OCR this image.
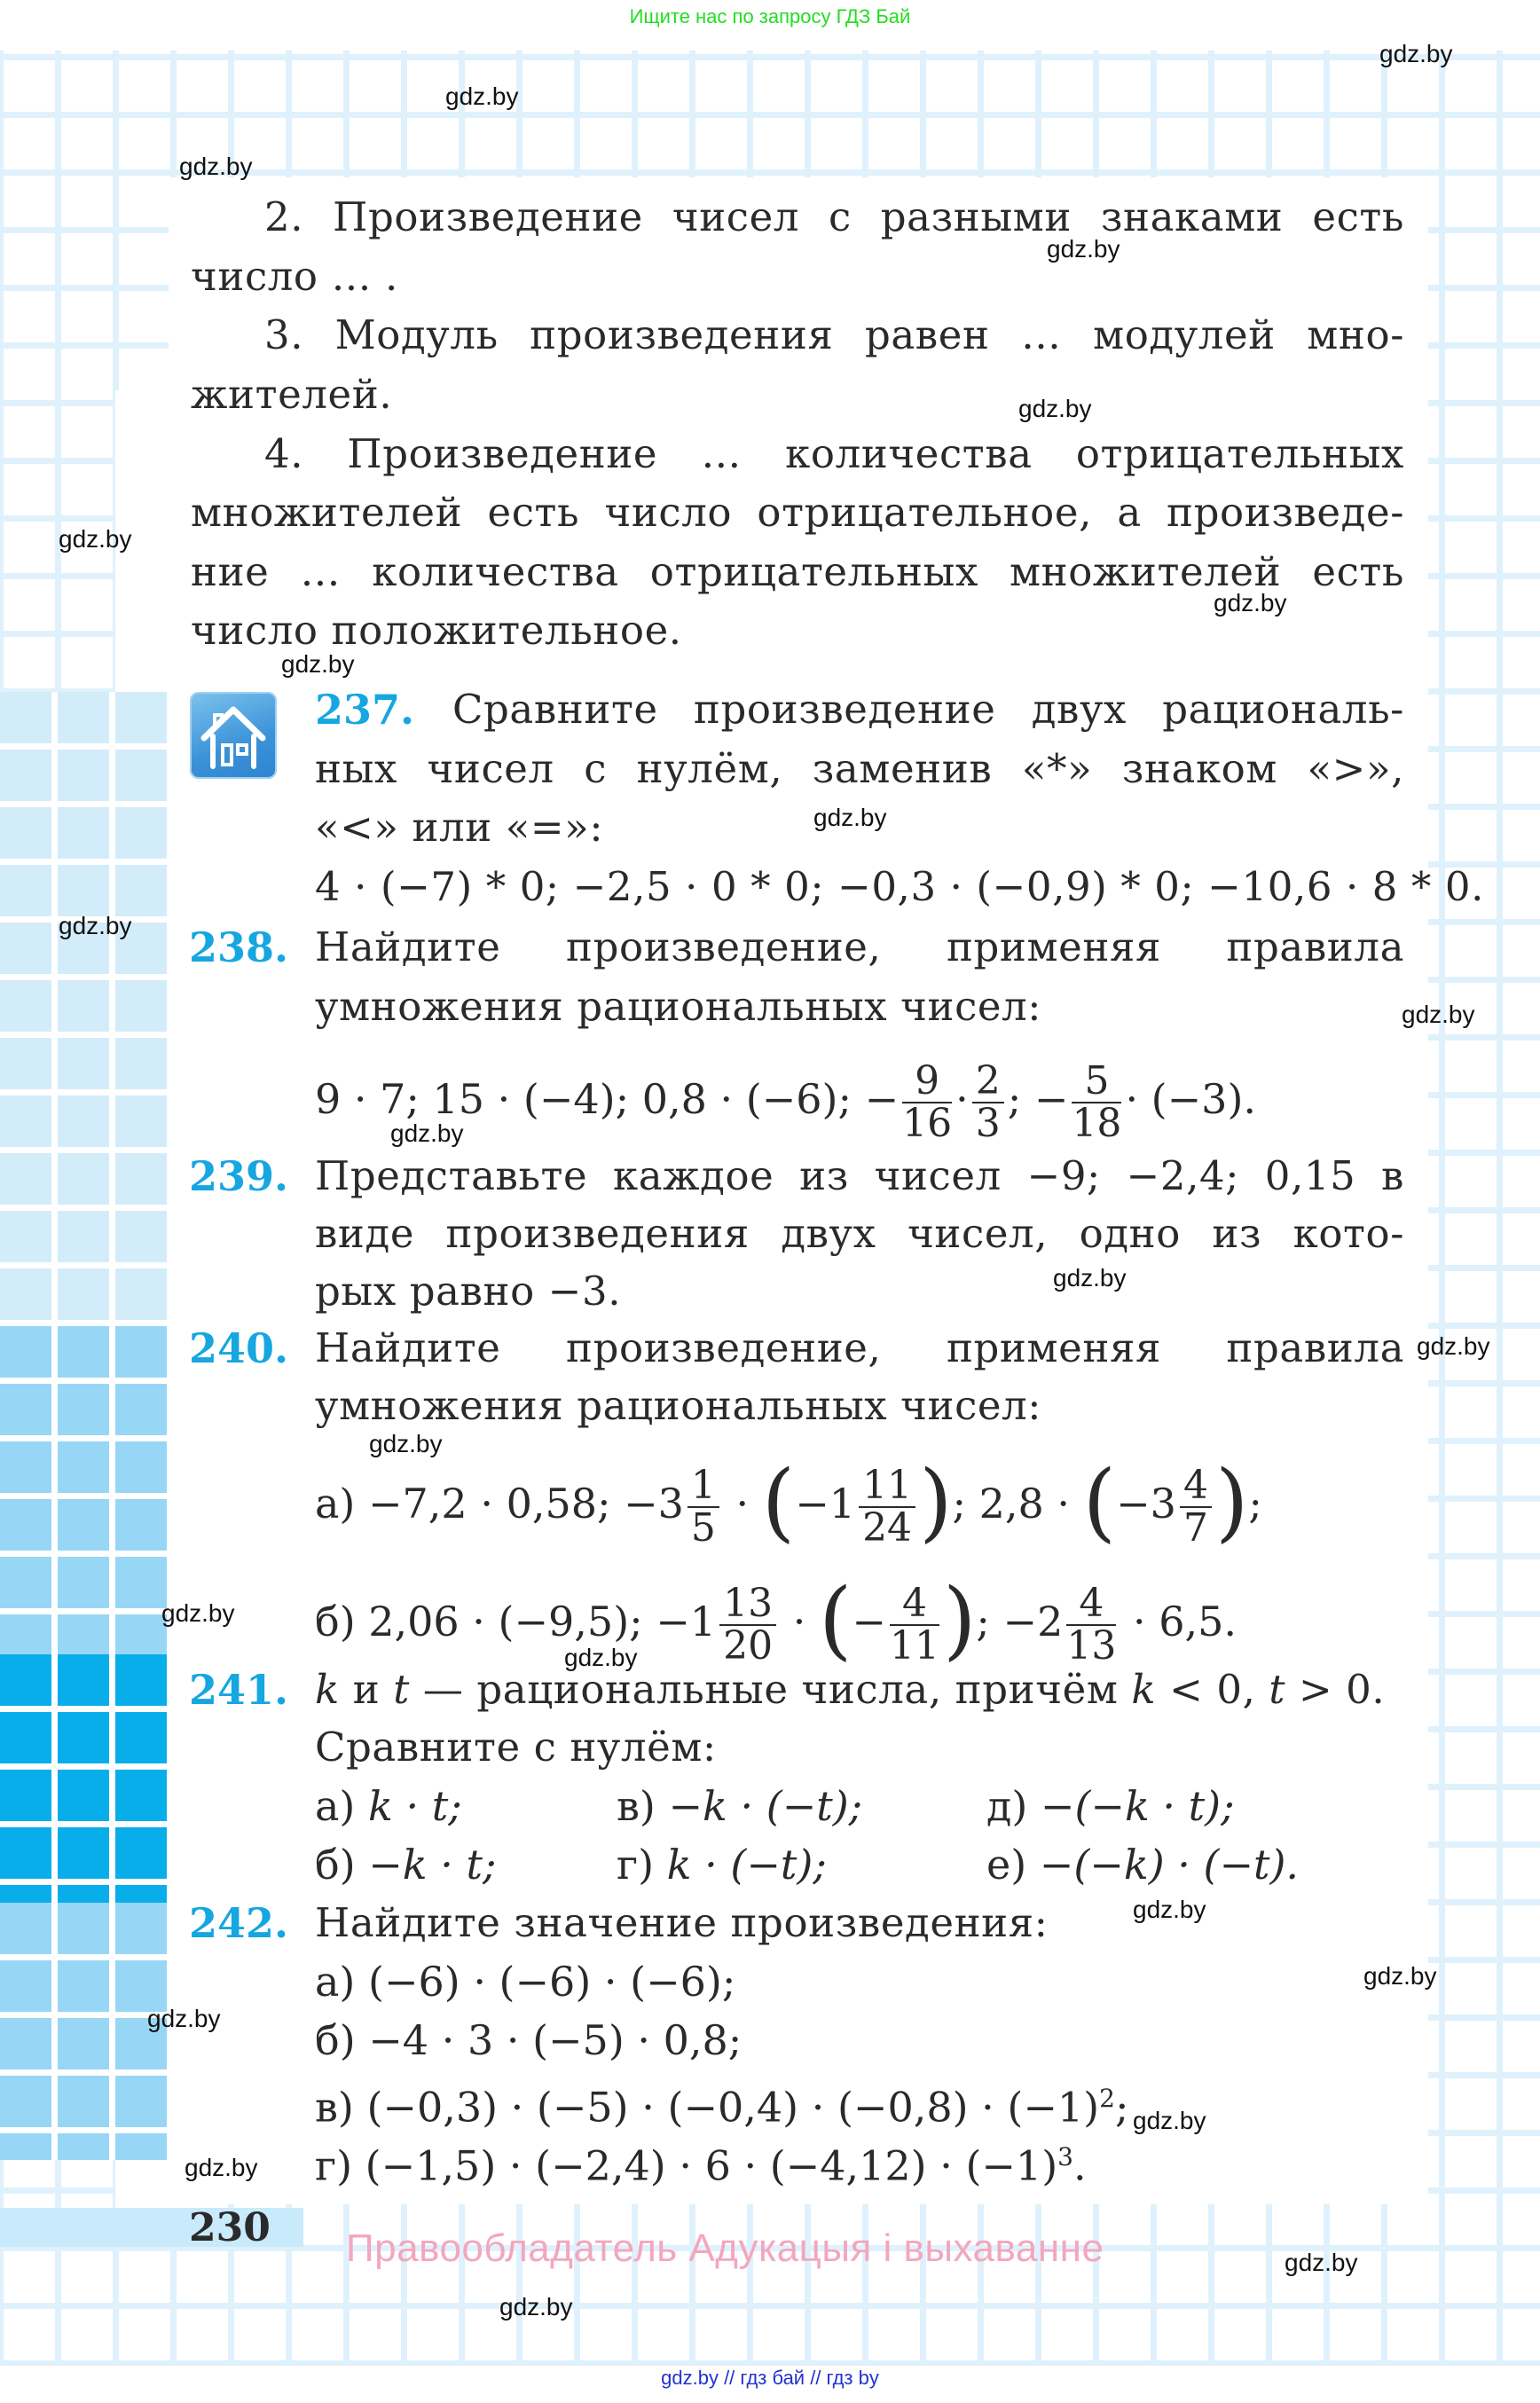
Ищите нас по запросу ГДЗ Бай
2. Произведение чисел с разными знаками есть
число … .
3. Модуль произведения равен … модулей мно-
жителей.
4. Произведение … количества отрицательных
множителей есть число отрицательное, а произведе-
ние … количества отрицательных множителей есть
число положительное.
237. Сравните произведение двух рациональ-
ных чисел с нулём, заменив «*» знаком «>»,
«<» или «=»:
4 · (−7) * 0; −2,5 · 0 * 0; −0,3 · (−0,9) * 0; −10,6 · 8 * 0.
238. Найдите произведение, применяя правила
умножения рациональных чисел:
9 · 7; 15 · (−4); 0,8 · (−6); − $\frac{9}{16} \cdot \frac{2}{3}$ ; − $\frac{5}{18} \cdot (-3)$.
239. Представьте каждое из чисел −9; −2,4; 0,15 в
виде произведения двух чисел, одно из кото-
рых равно −3.
240. Найдите произведение, применяя правила
умножения рациональных чисел:
а) −7,2 · 0,58; $-3 \frac{1}{5} \cdot (-1 \frac{11}{24}$ ); $2,8 \cdot (-3 \frac{4}{7}$ );
б) 2,06 · (−9,5); $-1 \frac{13}{20}$ · (− $\frac{4}{11}$ ); $-2 \frac{4}{13} \cdot 6,5$.
241. k и t — рациональные числа, причём k < 0, t > 0.
Сравните с нулём:
а) k · t;
б) −k · t;
в) −k · (−t);
г) k · (−t);
д) −(−k · t);
е) −(−k) · (−t).
242. Найдите значение произведения:
а) (−6) · (−6) · (−6);
б) −4 · 3 · (−5) · 0,8;
в) $(-0,3) \cdot (-5) \cdot (-0,4) \cdot (-0,8) \cdot (-1)^2$;
г) $(-1,5) \cdot (-2,4) \cdot 6 \cdot (-4,12) \cdot (-1)^3$.
230 Правообладатель Адукацыя і выхаванне
gdz.by
gdz.by
gdz.by
gdz.by
gdz.by
gdz.by
gdz.by
gdz.by
gdz.by
gdz.by
gdz.by
gdz.by
gdz.by
gdz.by
gdz.by
gdz.by
gdz.by
gdz.by
gdz.by
gdz.by
gdz.by
gdz.by
gdz.by
gdz.by
gdz.by // гдз бай // гдз by
